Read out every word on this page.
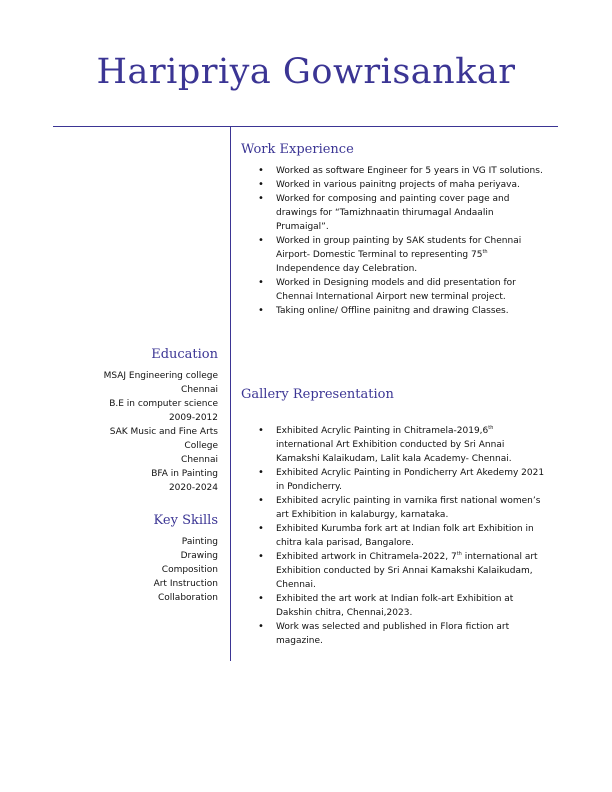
Haripriya Gowrisankar
Work Experience
• Worked as software Engineer for 5 years in VG IT solutions.
• Worked in various painitng projects of maha periyava.
• Worked for composing and painting cover page and drawings for “Tamizhnaatin thirumagal Andaalin Prumaigal”.
• Worked in group painting by SAK students for Chennai Airport- Domestic Terminal to representing 75th Independence day Celebration.
• Worked in Designing models and did presentation for Chennai International Airport new terminal project.
• Taking online/ Offline painitng and drawing Classes.
Gallery Representation
• Exhibited Acrylic Painting in Chitramela-2019,6th international Art Exhibition conducted by Sri Annai Kamakshi Kalaikudam, Lalit kala Academy- Chennai.
• Exhibited Acrylic Painting in Pondicherry Art Akedemy 2021 in Pondicherry.
• Exhibited acrylic painting in varnika first national women’s art Exhibition in kalaburgy, karnataka.
• Exhibited Kurumba fork art at Indian folk art Exhibition in chitra kala parisad, Bangalore.
• Exhibited artwork in Chitramela-2022, 7th international art Exhibition conducted by Sri Annai Kamakshi Kalaikudam, Chennai.
• Exhibited the art work at Indian folk-art Exhibition at Dakshin chitra, Chennai,2023.
• Work was selected and published in Flora fiction art magazine.
Education
MSAJ Engineering college
Chennai
B.E in computer science
2009-2012
SAK Music and Fine Arts
College
Chennai
BFA in Painting
2020-2024
Key Skills
Painting
Drawing
Composition
Art Instruction
Collaboration
